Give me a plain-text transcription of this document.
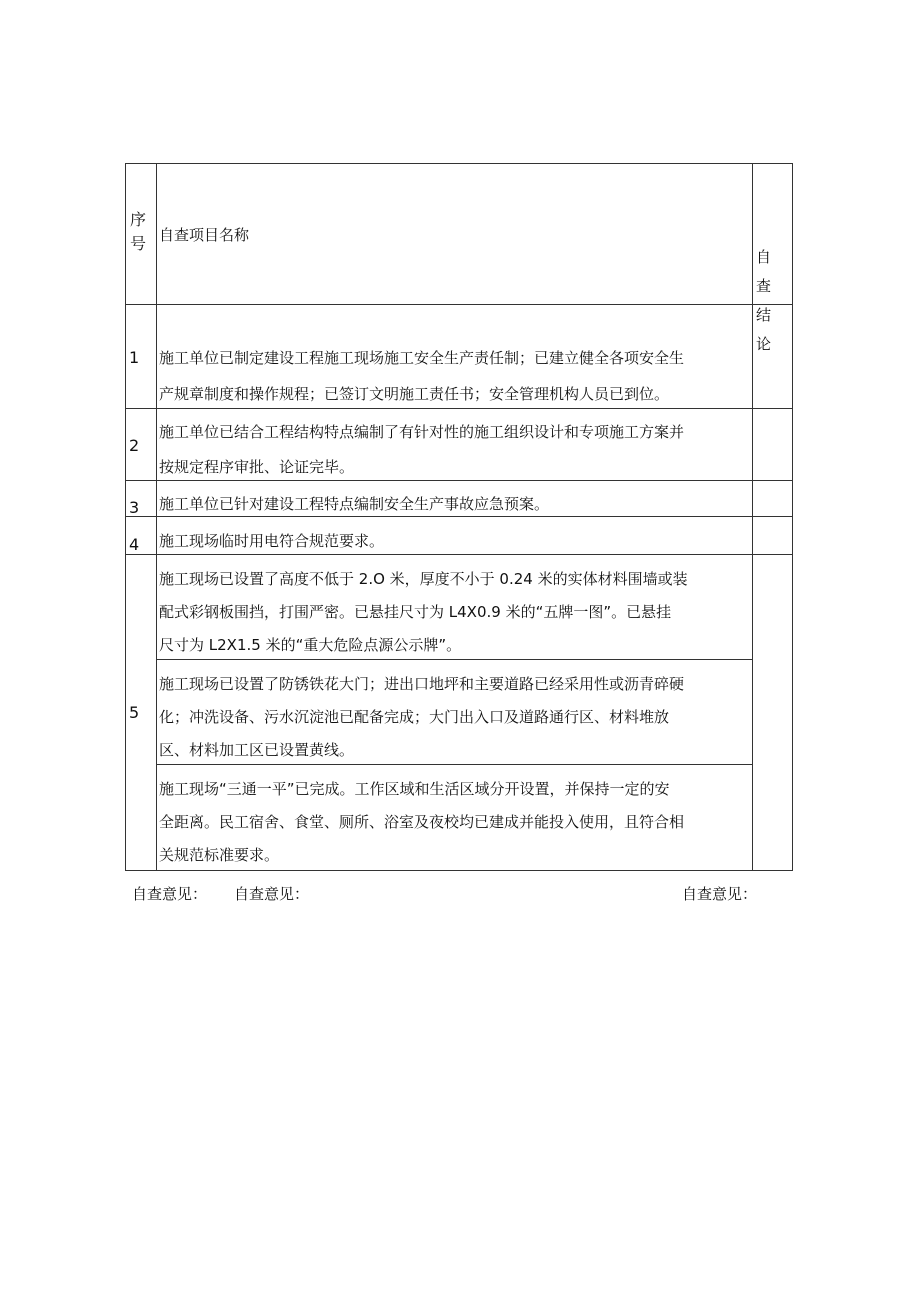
序
号 自查项目名称
自 查
结论
1 施工单位已制定建设工程施工现场施工安全生产责任制；已建立健全各项安全生
产规章制度和操作规程；已签订文明施工责任书；安全管理机构人员已到位。
2
施工单位已结合工程结构特点编制了有针对性的施工组织设计和专项施工方案并
按规定程序审批、论证完毕。
3 施工单位已针对建设工程特点编制安全生产事故应急预案。
4 施工现场临时用电符合规范要求。
5
施工现场已设置了高度不低于 2.O 米，厚度不小于 0.24 米的实体材料围墙或装
配式彩钢板围挡，打围严密。已悬挂尺寸为 L4X0.9 米的“五牌一图”。已悬挂
尺寸为 L2X1.5 米的“重大危险点源公示牌”。
施工现场已设置了防锈铁花大门；进出口地坪和主要道路已经采用性或沥青碎硬
化；冲洗设备、污水沉淀池已配备完成；大门出入口及道路通行区、材料堆放
区、材料加工区已设置黄线。
施工现场“三通一平”已完成。工作区域和生活区域分开设置，并保持一定的安
全距离。民工宿舍、食堂、厕所、浴室及夜校均已建成并能投入使用，且符合相
关规范标准要求。
自查意见： 自查意见：	自查意见：
